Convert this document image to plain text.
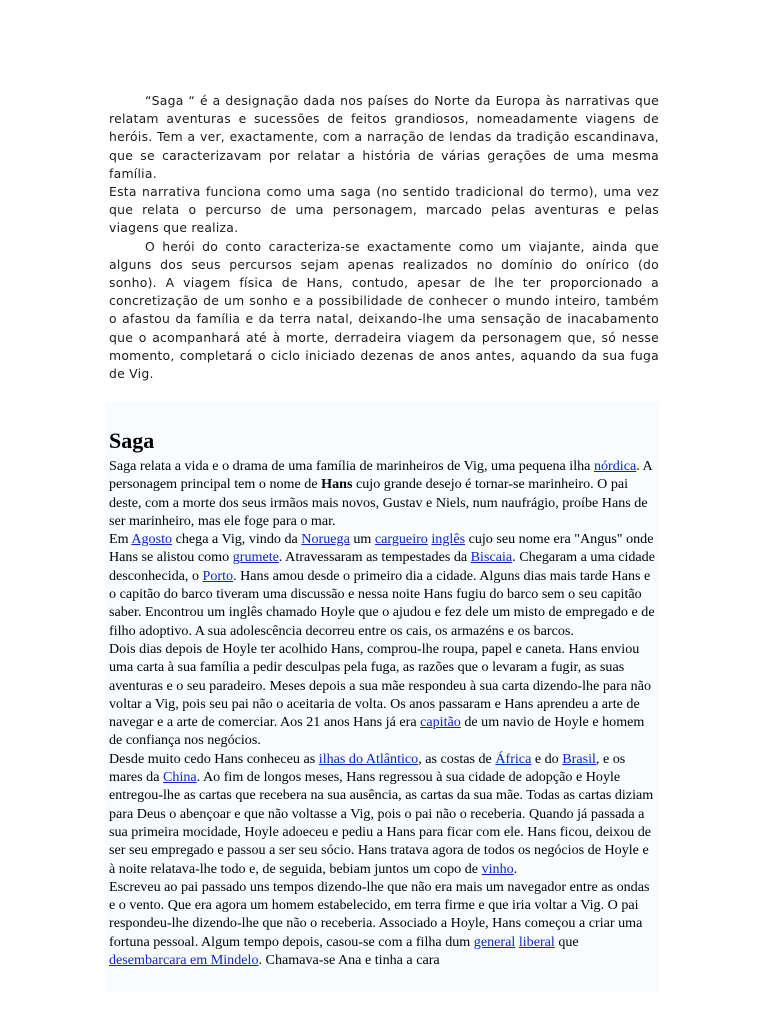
“Saga “ é a designação dada nos países do Norte da Europa às narrativas que relatam aventuras e sucessões de feitos grandiosos, nomeadamente viagens de heróis. Tem a ver, exactamente, com a narração de lendas da tradição escandinava, que se caracterizavam por relatar a história de várias gerações de uma mesma família.

Esta narrativa funciona como uma saga (no sentido tradicional do termo), uma vez que relata o percurso de uma personagem, marcado pelas aventuras e pelas viagens que realiza.

O herói do conto caracteriza-se exactamente como um viajante, ainda que alguns dos seus percursos sejam apenas realizados no domínio do onírico (do sonho). A viagem física de Hans, contudo, apesar de lhe ter proporcionado a concretização de um sonho e a possibilidade de conhecer o mundo inteiro, também o afastou da família e da terra natal, deixando-lhe uma sensação de inacabamento que o acompanhará até à morte, derradeira viagem da personagem que, só nesse momento, completará o ciclo iniciado dezenas de anos antes, aquando da sua fuga de Vig.

Saga

Saga relata a vida e o drama de uma família de marinheiros de Vig, uma pequena ilha nórdica. A personagem principal tem o nome de Hans cujo grande desejo é tornar-se marinheiro. O pai deste, com a morte dos seus irmãos mais novos, Gustav e Niels, num naufrágio, proíbe Hans de ser marinheiro, mas ele foge para o mar.

Em Agosto chega a Vig, vindo da Noruega um cargueiro inglês cujo seu nome era "Angus" onde Hans se alistou como grumete. Atravessaram as tempestades da Biscaia. Chegaram a uma cidade desconhecida, o Porto. Hans amou desde o primeiro dia a cidade. Alguns dias mais tarde Hans e o capitão do barco tiveram uma discussão e nessa noite Hans fugiu do barco sem o seu capitão saber. Encontrou um inglês chamado Hoyle que o ajudou e fez dele um misto de empregado e de filho adoptivo. A sua adolescência decorreu entre os cais, os armazéns e os barcos.

Dois dias depois de Hoyle ter acolhido Hans, comprou-lhe roupa, papel e caneta. Hans enviou uma carta à sua família a pedir desculpas pela fuga, as razões que o levaram a fugir, as suas aventuras e o seu paradeiro. Meses depois a sua mãe respondeu à sua carta dizendo-lhe para não voltar a Vig, pois seu pai não o aceitaria de volta. Os anos passaram e Hans aprendeu a arte de navegar e a arte de comerciar. Aos 21 anos Hans já era capitão de um navio de Hoyle e homem de confiança nos negócios.

Desde muito cedo Hans conheceu as ilhas do Atlântico, as costas de África e do Brasil, e os mares da China. Ao fim de longos meses, Hans regressou à sua cidade de adopção e Hoyle entregou-lhe as cartas que recebera na sua ausência, as cartas da sua mãe. Todas as cartas diziam para Deus o abençoar e que não voltasse a Vig, pois o pai não o receberia. Quando já passada a sua primeira mocidade, Hoyle adoeceu e pediu a Hans para ficar com ele. Hans ficou, deixou de ser seu empregado e passou a ser seu sócio. Hans tratava agora de todos os negócios de Hoyle e à noite relatava-lhe todo e, de seguida, bebiam juntos um copo de vinho.

Escreveu ao pai passado uns tempos dizendo-lhe que não era mais um navegador entre as ondas e o vento. Que era agora um homem estabelecido, em terra firme e que iria voltar a Vig. O pai respondeu-lhe dizendo-lhe que não o receberia. Associado a Hoyle, Hans começou a criar uma fortuna pessoal. Algum tempo depois, casou-se com a filha dum general liberal que desembarcara em Mindelo. Chamava-se Ana e tinha a cara
